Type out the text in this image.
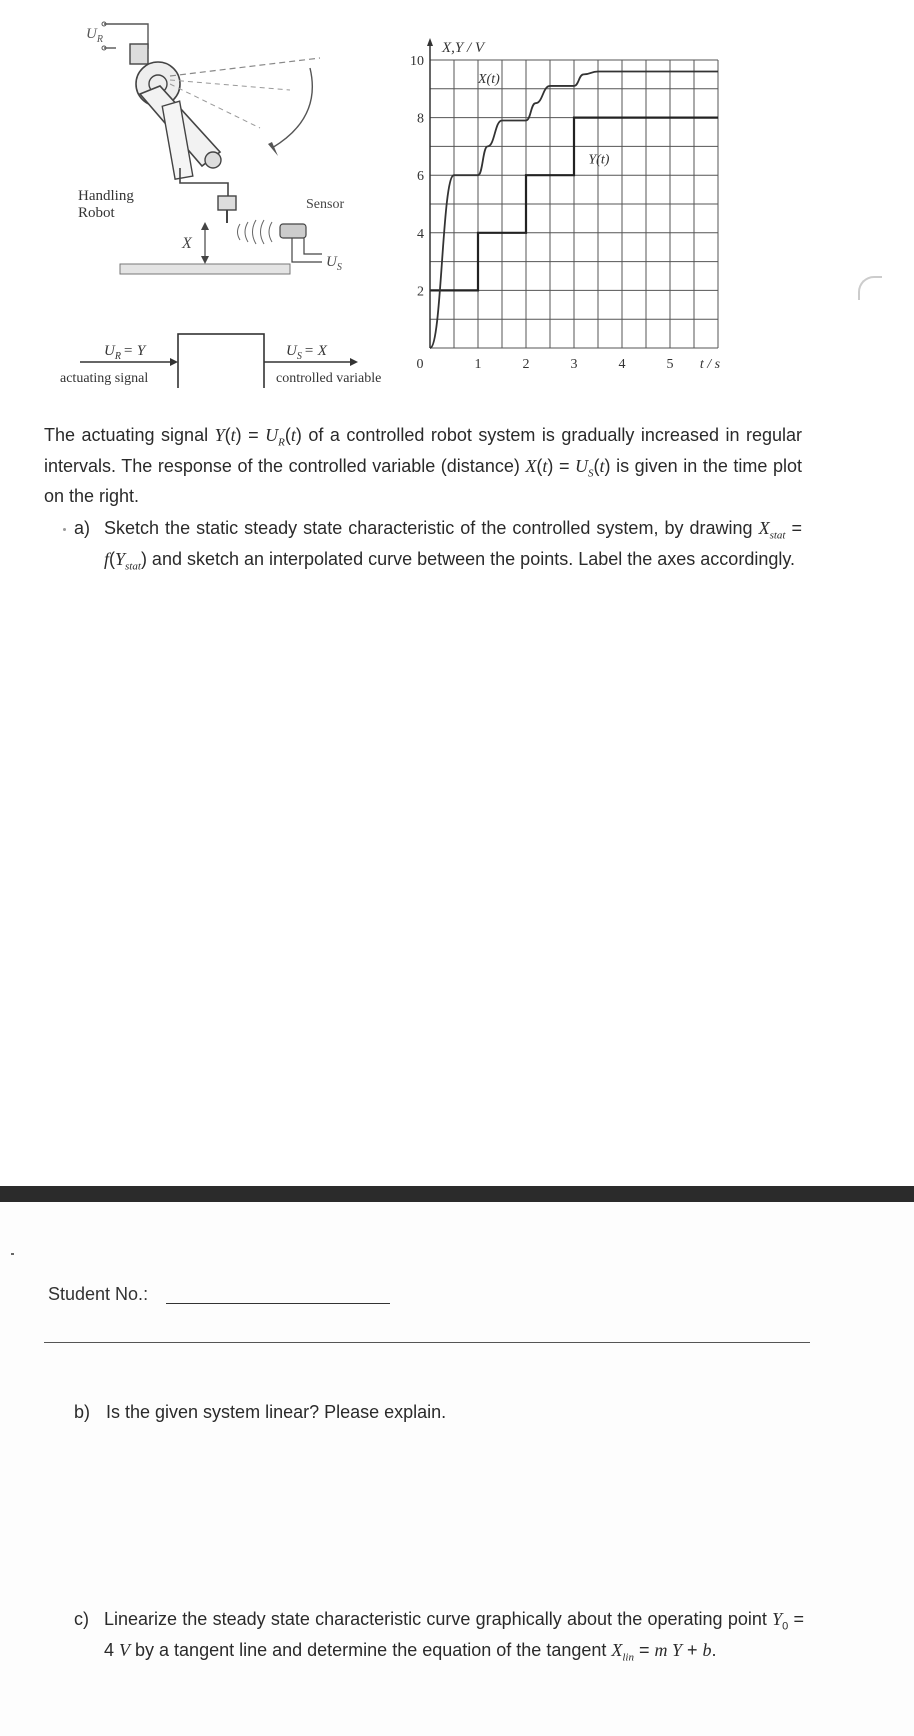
$U_R$
X
Sensor
$U_S$
Handling Robot
$U_R = Y$	$U_S = X$
actuating signal	controlled variable
2
4
6
8
10
0	1	2	3	4	5 t / s
X,Y / V
Y(t)
X(t)
The actuating signal $Y(t) = U_R(t)$ of a controlled robot system is gradually increased in regular intervals. The response of the controlled variable (distance) $X(t) = U_S(t)$ is given in the time plot on the right.
a) Sketch the static steady state characteristic of the controlled system, by drawing $X_{stat} = f(Y_{stat})$ and sketch an interpolated curve between the points. Label the axes accordingly.
Student No.:
b) Is the given system linear? Please explain.
c) Linearize the steady state characteristic curve graphically about the operating point $Y_0 = 4$ V by a tangent line and determine the equation of the tangent $X_{lin} = m$ Y + b.
